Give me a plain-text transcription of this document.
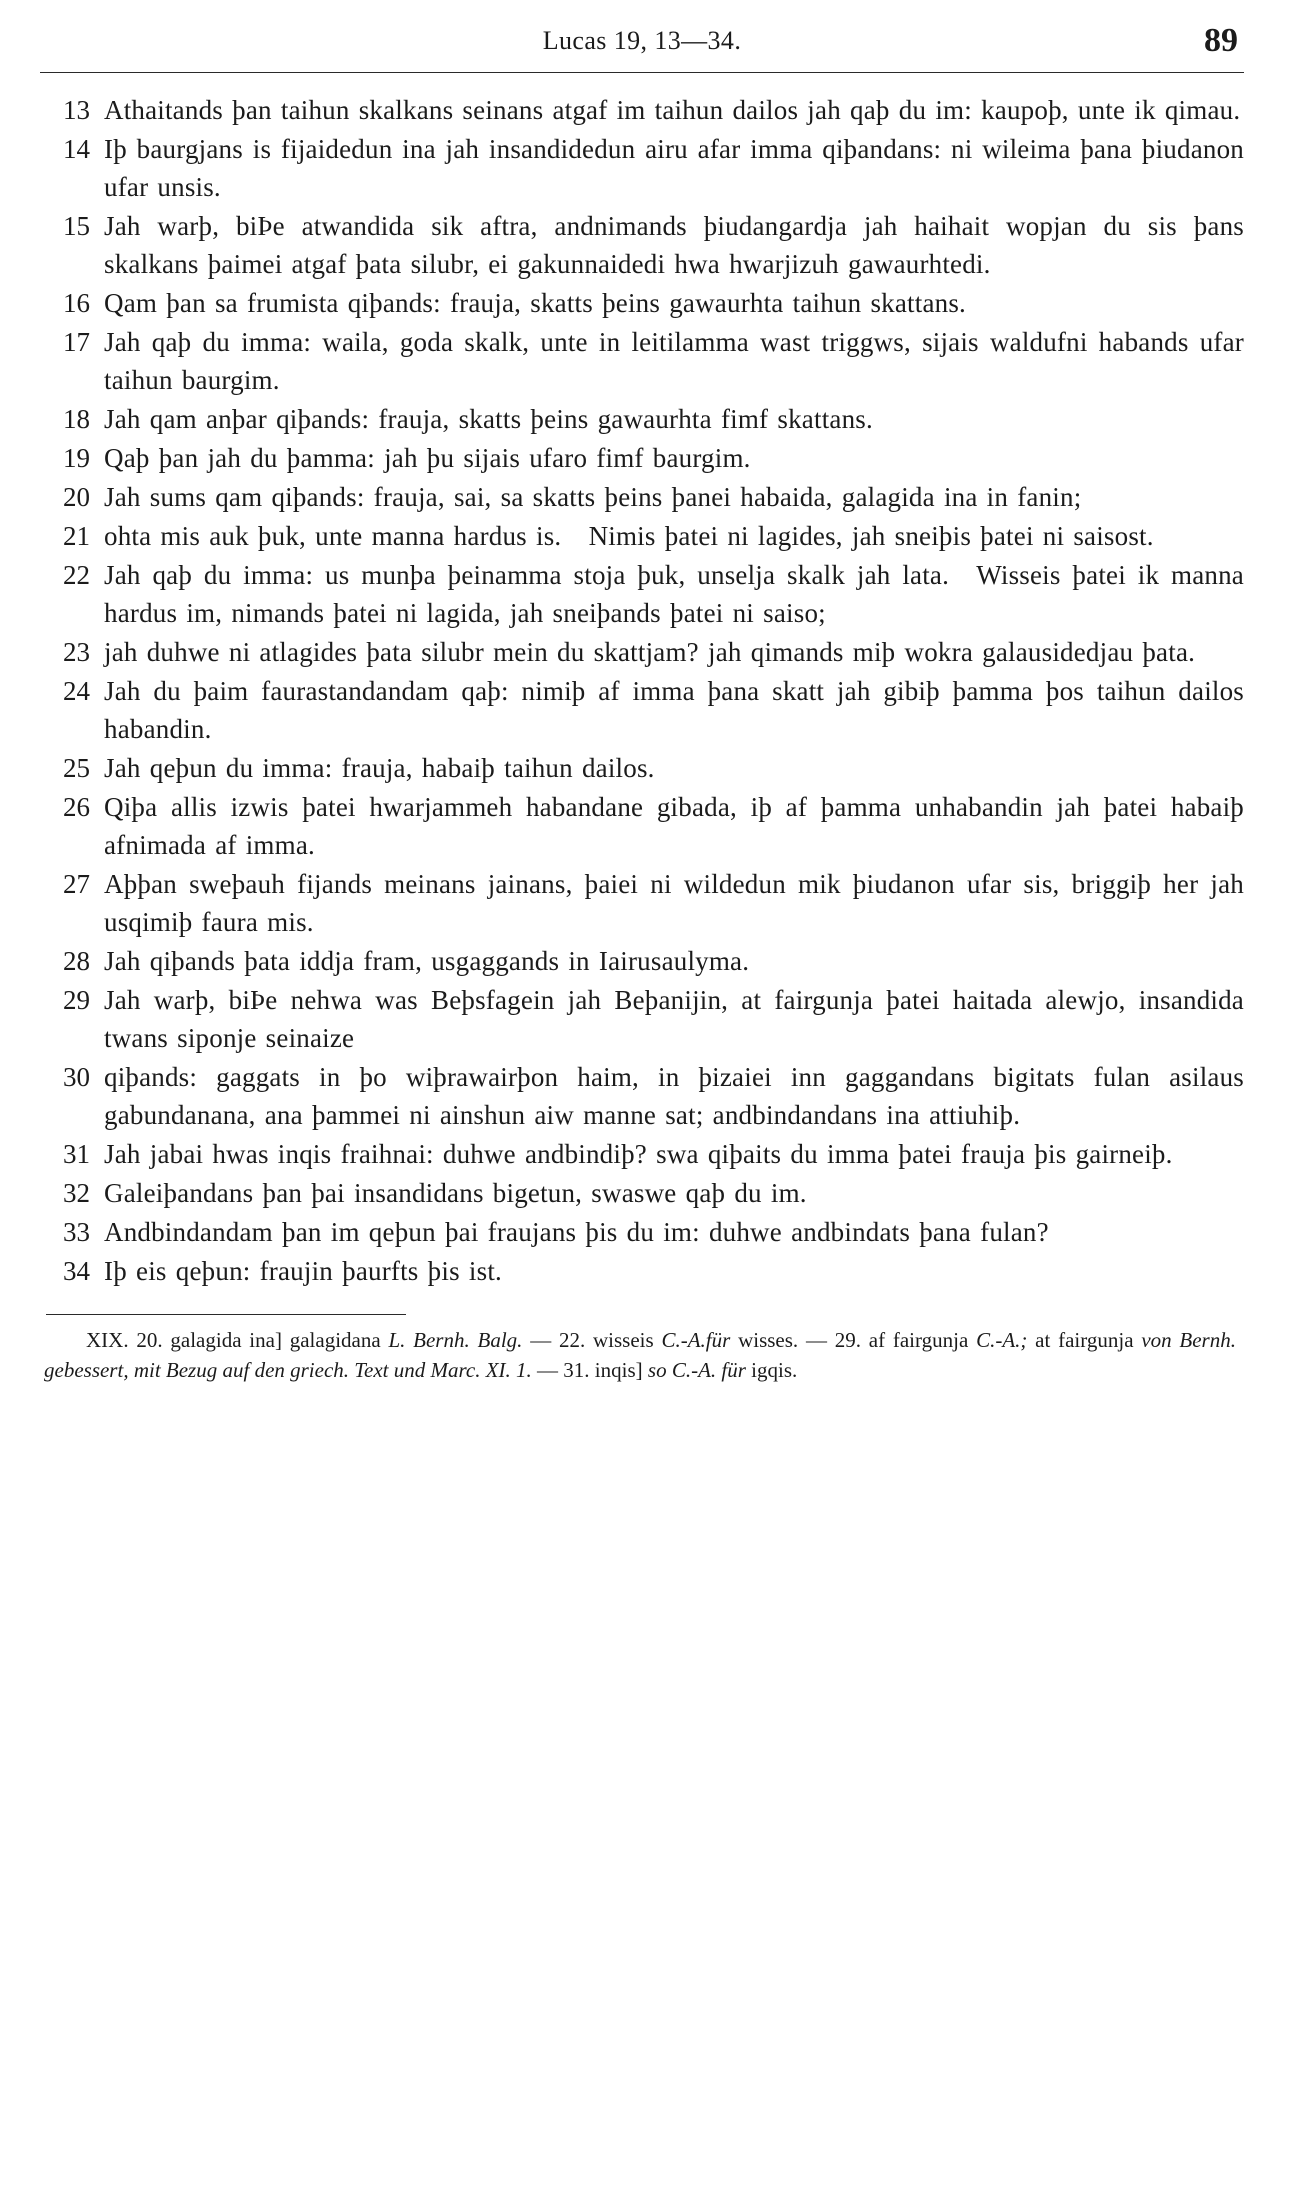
Lucas 19, 13—34.	89
13 Athaitands þan taihun skalkans seinans atgaf im taihun dailos jah qaþ du im: kaupoþ, unte ik qimau.
14 Iþ baurgjans is fijaidedun ina jah insandidedun airu afar imma qiþandans: ni wileima þana þiudanon ufar unsis.
15 Jah warþ, biÞe atwandida sik aftra, andnimands þiudangardja jah haihait wopjan du sis þans skalkans þaimei atgaf þata silubr, ei gakunnaidedi hwa hwarjizuh gawaurhtedi.
16 Qam þan sa frumista qiþands: frauja, skatts þeins gawaurhta taihun skattans.
17 Jah qaþ du imma: waila, goda skalk, unte in leitilamma wast triggws, sijais waldufni habands ufar taihun baurgim.
18 Jah qam anþar qiþands: frauja, skatts þeins gawaurhta fimf skattans.
19 Qaþ þan jah du þamma: jah þu sijais ufaro fimf baurgim.
20 Jah sums qam qiþands: frauja, sai, sa skatts þeins þanei habaida, galagida ina in fanin;
21 ohta mis auk þuk, unte manna hardus is. Nimis þatei ni lagides, jah sneiþis þatei ni saisost.
22 Jah qaþ du imma: us munþa þeinamma stoja þuk, unselja skalk jah lata. Wisseis þatei ik manna hardus im, nimands þatei ni lagida, jah sneiþands þatei ni saiso;
23 jah duhwe ni atlagides þata silubr mein du skattjam? jah qimands miþ wokra galausidedjau þata.
24 Jah du þaim faurastandandam qaþ: nimiþ af imma þana skatt jah gibiþ þamma þos taihun dailos habandin.
25 Jah qeþun du imma: frauja, habaiþ taihun dailos.
26 Qiþa allis izwis þatei hwarjammeh habandane gibada, iþ af þamma unhabandin jah þatei habaiþ afnimada af imma.
27 Aþþan sweþauh fijands meinans jainans, þaiei ni wildedun mik þiudanon ufar sis, briggiþ her jah usqimiþ faura mis.
28 Jah qiþands þata iddja fram, usgaggands in Iairusaulyma.
29 Jah warþ, biÞe nehwa was Beþsfagein jah Beþanijin, at fairgunja þatei haitada alewjo, insandida twans siponje seinaize
30 qiþands: gaggats in þo wiþrawairþon haim, in þizaiei inn gaggandans bigitats fulan asilaus gabundanana, ana þammei ni ainshun aiw manne sat; andbindandans ina attiuhiþ.
31 Jah jabai hwas inqis fraihnai: duhwe andbindiþ? swa qiþaits du imma þatei frauja þis gairneiþ.
32 Galeiþandans þan þai insandidans bigetun, swaswe qaþ du im.
33 Andbindandam þan im qeþun þai fraujans þis du im: duhwe andbindats þana fulan?
34 Iþ eis qeþun: fraujin þaurfts þis ist.
XIX. 20. galagida ina] galagidana L. Bernh. Balg. — 22. wisseis C.-A.für wisses. — 29. af fairgunja C.-A.; at fairgunja von Bernh. gebessert, mit Bezug auf den griech. Text und Marc. XI. 1. — 31. inqis] so C.-A. für igqis.
